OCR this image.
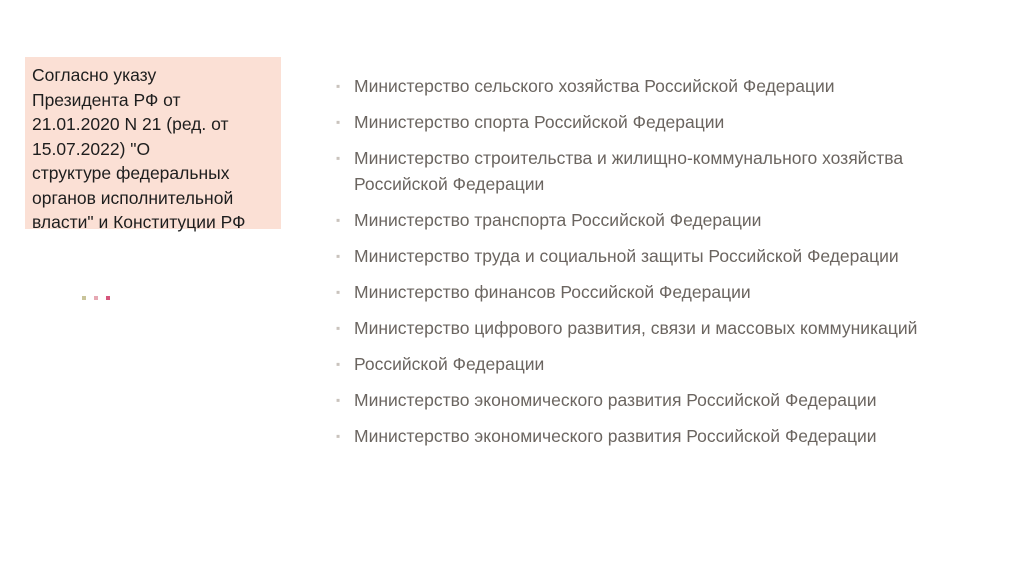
Согласно указу
Президента РФ от
21.01.2020 N 21 (ред. от
15.07.2022) "О
структуре федеральных
органов исполнительной
власти" и Конституции РФ

▪ Министерство сельского хозяйства Российской Федерации
▪ Министерство спорта Российской Федерации
▪ Министерство строительства и жилищно-коммунального хозяйства Российской Федерации
▪ Министерство транспорта Российской Федерации
▪ Министерство труда и социальной защиты Российской Федерации
▪ Министерство финансов Российской Федерации
▪ Министерство цифрового развития, связи и массовых коммуникаций
▪ Российской Федерации
▪ Министерство экономического развития Российской Федерации
▪ Министерство экономического развития Российской Федерации
